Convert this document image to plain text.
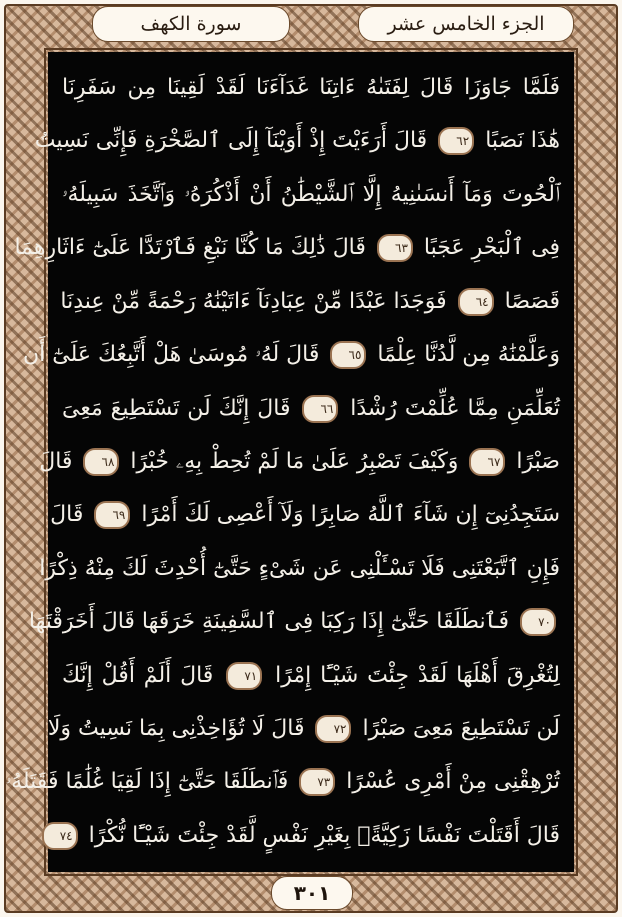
الجزء الخامس عشر
سورة الكهف
فَلَمَّا جَاوَزَا قَالَ لِفَتَىٰهُ ءَاتِنَا غَدَآءَنَا لَقَدْ لَقِينَا مِن سَفَرِنَا
هَٰذَا نَصَبًا ٦٢ قَالَ أَرَءَيْتَ إِذْ أَوَيْنَآ إِلَى ٱلصَّخْرَةِ فَإِنِّى نَسِيتُ
ٱلْحُوتَ وَمَآ أَنسَىٰنِيهُ إِلَّا ٱلشَّيْطَٰنُ أَنْ أَذْكُرَهُۥ وَٱتَّخَذَ سَبِيلَهُۥ
فِى ٱلْبَحْرِ عَجَبًا ٦٣ قَالَ ذَٰلِكَ مَا كُنَّا نَبْغِ فَٱرْتَدَّا عَلَىٰٓ ءَاثَارِهِمَا
قَصَصًا ٦٤ فَوَجَدَا عَبْدًا مِّنْ عِبَادِنَآ ءَاتَيْنَٰهُ رَحْمَةً مِّنْ عِندِنَا
وَعَلَّمْنَٰهُ مِن لَّدُنَّا عِلْمًا ٦٥ قَالَ لَهُۥ مُوسَىٰ هَلْ أَتَّبِعُكَ عَلَىٰٓ أَن
تُعَلِّمَنِ مِمَّا عُلِّمْتَ رُشْدًا ٦٦ قَالَ إِنَّكَ لَن تَسْتَطِيعَ مَعِىَ
صَبْرًا ٦٧ وَكَيْفَ تَصْبِرُ عَلَىٰ مَا لَمْ تُحِطْ بِهِۦ خُبْرًا ٦٨ قَالَ
سَتَجِدُنِىٓ إِن شَآءَ ٱللَّهُ صَابِرًا وَلَآ أَعْصِى لَكَ أَمْرًا ٦٩ قَالَ
فَإِنِ ٱتَّبَعْتَنِى فَلَا تَسْـَٔلْنِى عَن شَىْءٍ حَتَّىٰٓ أُحْدِثَ لَكَ مِنْهُ ذِكْرًا
٧٠ فَٱنطَلَقَا حَتَّىٰٓ إِذَا رَكِبَا فِى ٱلسَّفِينَةِ خَرَقَهَا قَالَ أَخَرَقْتَهَا
لِتُغْرِقَ أَهْلَهَا لَقَدْ جِئْتَ شَيْـًٔا إِمْرًا ٧١ قَالَ أَلَمْ أَقُلْ إِنَّكَ
لَن تَسْتَطِيعَ مَعِىَ صَبْرًا ٧٢ قَالَ لَا تُؤَاخِذْنِى بِمَا نَسِيتُ وَلَا
تُرْهِقْنِى مِنْ أَمْرِى عُسْرًا ٧٣ فَٱنطَلَقَا حَتَّىٰٓ إِذَا لَقِيَا غُلَٰمًا فَقَتَلَهُۥ
قَالَ أَقَتَلْتَ نَفْسًا زَكِيَّةًۢ بِغَيْرِ نَفْسٍ لَّقَدْ جِئْتَ شَيْـًٔا نُّكْرًا ٧٤
٣٠١
